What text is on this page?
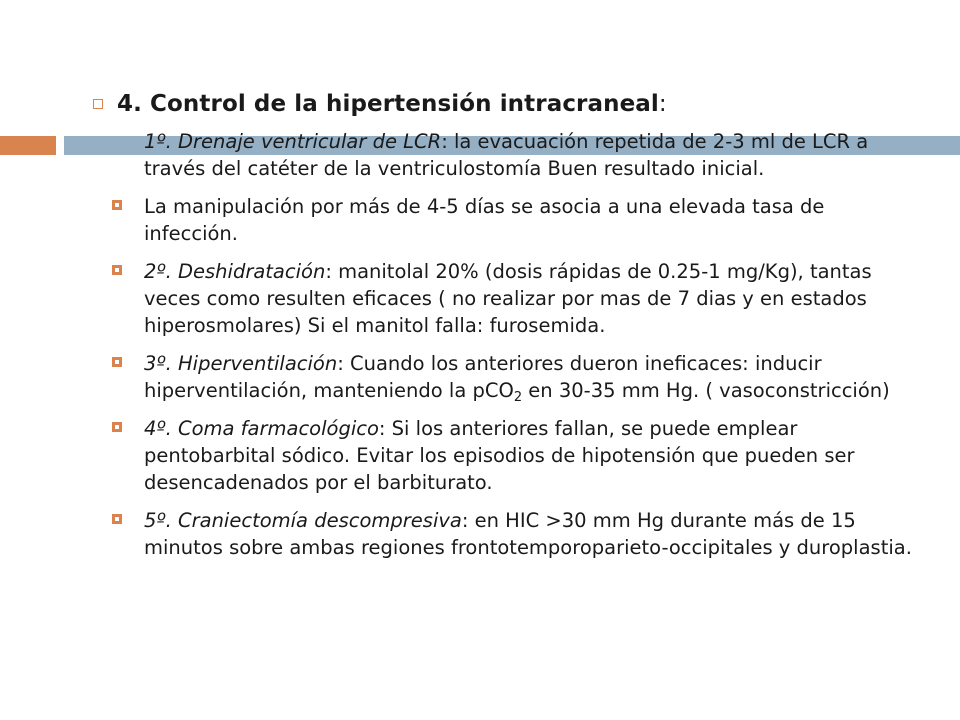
4. Control de la hipertensión intracraneal:
1º. Drenaje ventricular de LCR: la evacuación repetida de 2-3 ml de LCR a través del catéter de la ventriculostomía Buen resultado inicial.
La manipulación por más de 4-5 días se asocia a una elevada tasa de infección.
2º. Deshidratación: manitolal 20% (dosis rápidas de 0.25-1 mg/Kg), tantas veces como resulten eficaces ( no realizar por mas de 7 dias y en estados hiperosmolares) Si el manitol falla: furosemida.
3º. Hiperventilación: Cuando los anteriores dueron ineficaces: inducir hiperventilación, manteniendo la pCO$_2$ en 30-35 mm Hg. ( vasoconstricción)
4º. Coma farmacológico: Si los anteriores fallan, se puede emplear pentobarbital sódico. Evitar los episodios de hipotensión que pueden ser desencadenados por el barbiturato.
5º. Craniectomía descompresiva: en HIC >30 mm Hg durante más de 15 minutos sobre ambas regiones frontotemporoparieto-occipitales y duroplastia.
